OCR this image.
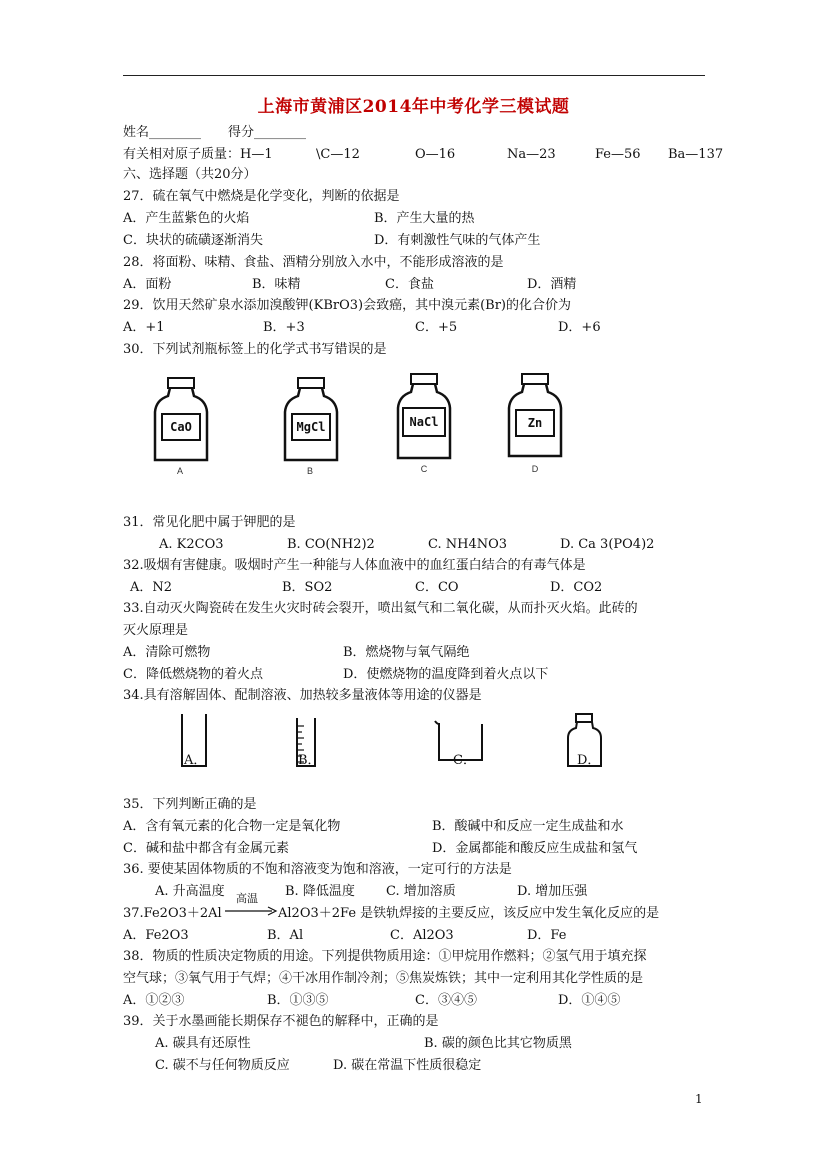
上海市黄浦区2014年中考化学三模试题
姓名________ 得分________
有关相对原子质量：H—1	\C—12	O—16	Na—23	Fe—56 Ba—137
六、选择题（共20分）
27．硫在氧气中燃烧是化学变化，判断的依据是
A．产生蓝紫色的火焰	B．产生大量的热
C．块状的硫磺逐渐消失	D．有刺激性气味的气体产生
28．将面粉、味精、食盐、酒精分别放入水中，不能形成溶液的是
A．面粉	B．味精	C．食盐	D．酒精
29．饮用天然矿泉水添加溴酸钾(KBrO3)会致癌，其中溴元素(Br)的化合价为
A．+1	B．+3	C．+5	D．+6
30．下列试剂瓶标签上的化学式书写错误的是
CaO
A
MgCl
B
NaCl
C
Zn
D
31．常见化肥中属于钾肥的是
A. K2CO3	B. CO(NH2)2	C. NH4NO3	D. Ca 3(PO4)2
32.吸烟有害健康。吸烟时产生一种能与人体血液中的血红蛋白结合的有毒气体是
A．N2	B．SO2	C．CO	D．CO2
33.自动灭火陶瓷砖在发生火灾时砖会裂开，喷出氦气和二氧化碳，从而扑灭火焰。此砖的
灭火原理是
A．清除可燃物	B．燃烧物与氧气隔绝
C．降低燃烧物的着火点	D．使燃烧物的温度降到着火点以下
34.具有溶解固体、配制溶液、加热较多量液体等用途的仪器是
A．	B．	C．	D．
35．下列判断正确的是
A．含有氧元素的化合物一定是氧化物	B．酸碱中和反应一定生成盐和水
C．碱和盐中都含有金属元素	D．金属都能和酸反应生成盐和氢气
36. 要使某固体物质的不饱和溶液变为饱和溶液，一定可行的方法是
A. 升高温度	B. 降低温度 C. 增加溶质	D. 增加压强
37.Fe2O3＋2Al
高温
→ Al2O3＋2Fe 是铁轨焊接的主要反应，该反应中发生氧化反应的是
A．Fe2O3	B．Al	C．Al2O3	D．Fe
38．物质的性质决定物质的用途。下列提供物质用途：①甲烷用作燃料；②氢气用于填充探
空气球；③氧气用于气焊；④干冰用作制冷剂；⑤焦炭炼铁；其中一定利用其化学性质的是
A．①②③	B．①③⑤	C．③④⑤	D．①④⑤
39．关于水墨画能长期保存不褪色的解释中，正确的是
A. 碳具有还原性	B. 碳的颜色比其它物质黑
C. 碳不与任何物质反应	D. 碳在常温下性质很稳定
1
